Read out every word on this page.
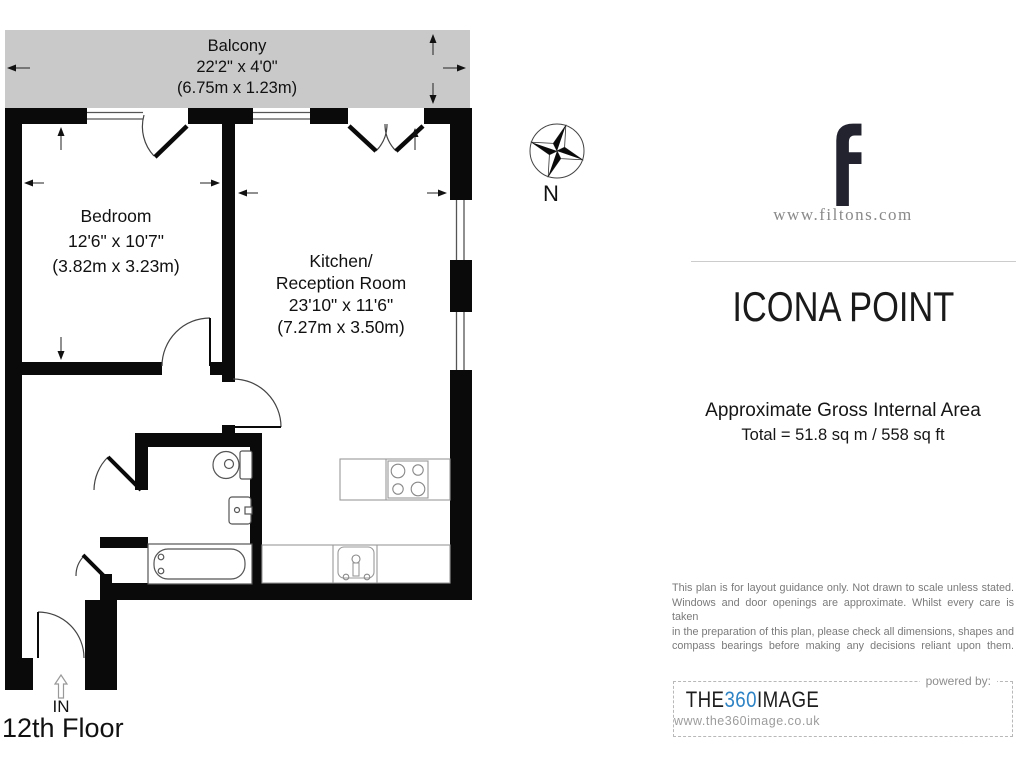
N
Balcony
22'2" x 4'0"
(6.75m x 1.23m)
Bedroom
12'6" x 10'7"
(3.82m x 3.23m)	Kitchen/
Reception Room
23'10" x 11'6"
(7.27m x 3.50m)
IN
12th Floor
www.filtons.com
ICONA POINT
Approximate Gross Internal Area
Total = 51.8 sq m / 558 sq ft
This plan is for layout guidance only. Not drawn to scale unless stated.
Windows and door openings are approximate. Whilst every care is taken
in the preparation of this plan, please check all dimensions, shapes and
compass bearings before making any decisions reliant upon them.
powered by:
THE360IMAGE
www.the360image.co.uk
